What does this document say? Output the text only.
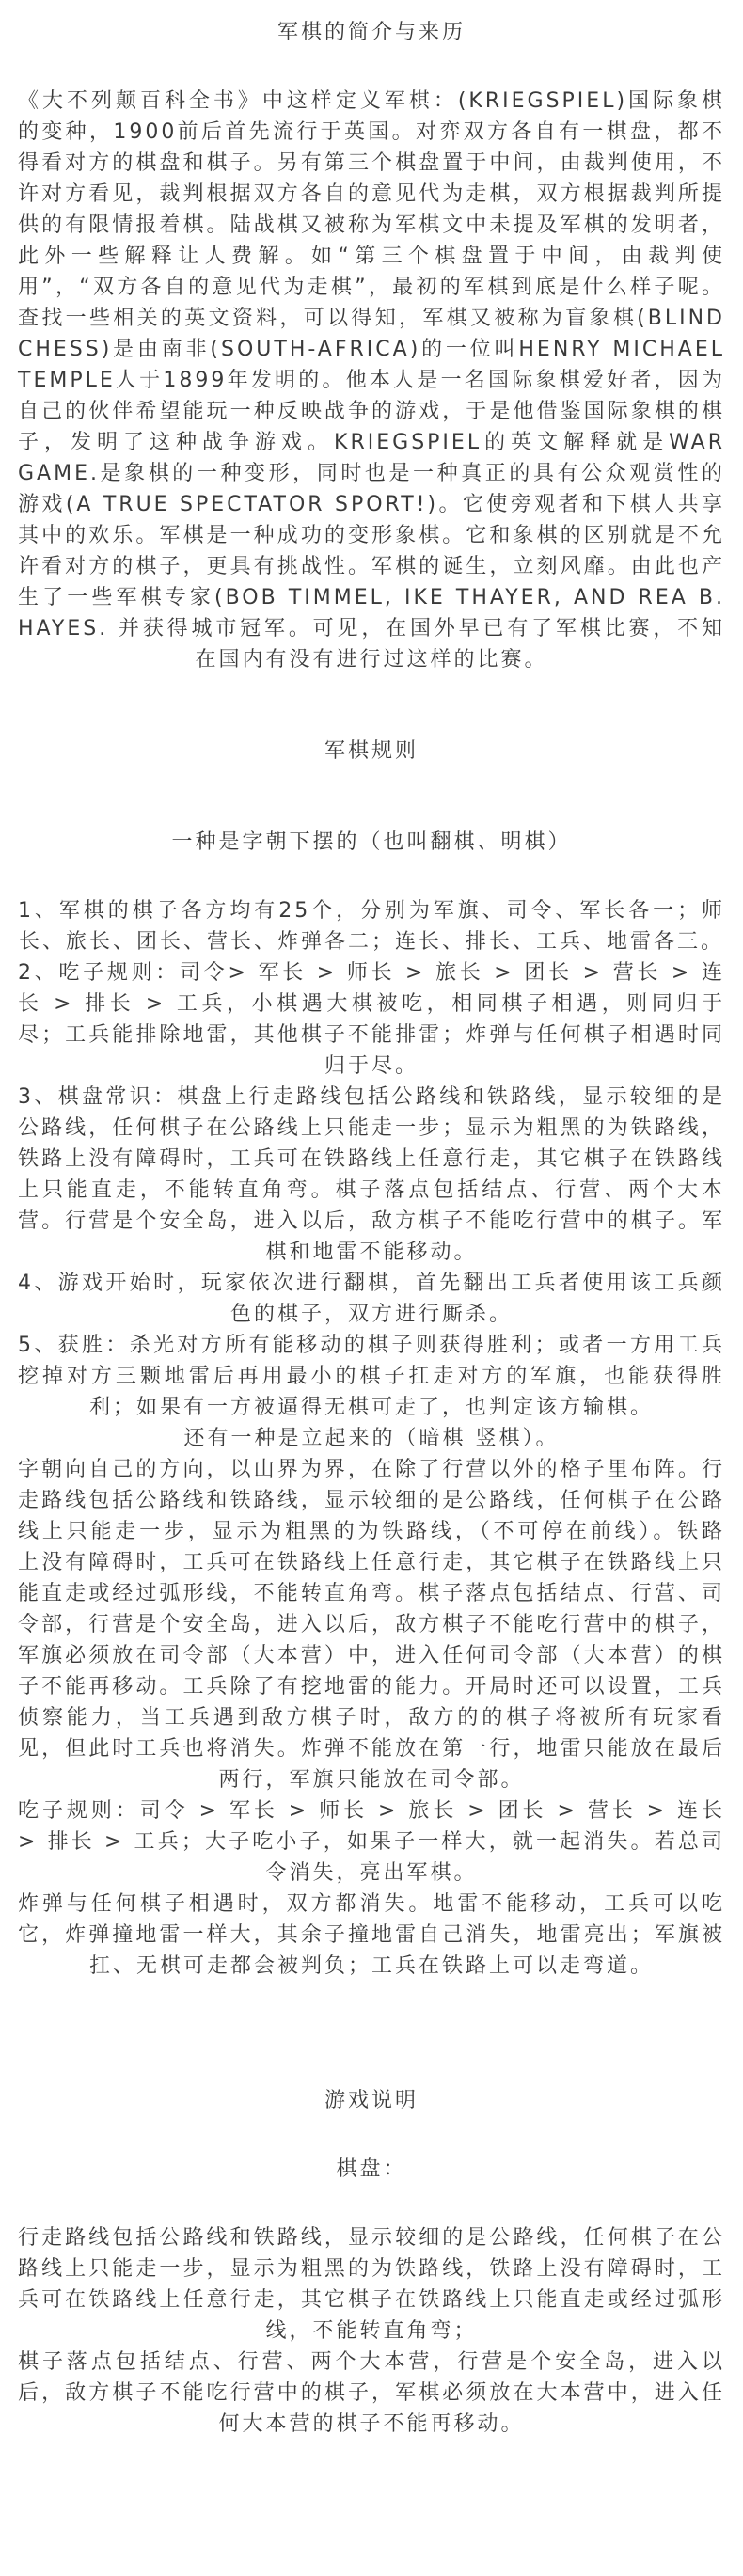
军棋的简介与来历

《大不列颠百科全书》中这样定义军棋：(KRIEGSPIEL)国际象棋的变种，1900前后首先流行于英国。对弈双方各自有一棋盘，都不得看对方的棋盘和棋子。另有第三个棋盘置于中间，由裁判使用，不许对方看见，裁判根据双方各自的意见代为走棋，双方根据裁判所提供的有限情报着棋。陆战棋又被称为军棋文中未提及军棋的发明者，此外一些解释让人费解。如“第三个棋盘置于中间，由裁判使用”，“双方各自的意见代为走棋”，最初的军棋到底是什么样子呢。查找一些相关的英文资料，可以得知，军棋又被称为盲象棋(BLIND CHESS)是由南非(SOUTH-AFRICA)的一位叫HENRY MICHAEL TEMPLE人于1899年发明的。他本人是一名国际象棋爱好者，因为自己的伙伴希望能玩一种反映战争的游戏，于是他借鉴国际象棋的棋子，发明了这种战争游戏。KRIEGSPIEL的英文解释就是WAR GAME.是象棋的一种变形，同时也是一种真正的具有公众观赏性的游戏(A TRUE SPECTATOR SPORT!)。它使旁观者和下棋人共享其中的欢乐。军棋是一种成功的变形象棋。它和象棋的区别就是不允许看对方的棋子，更具有挑战性。军棋的诞生，立刻风靡。由此也产生了一些军棋专家(BOB TIMMEL, IKE THAYER, AND REA B. HAYES. 并获得城市冠军。可见，在国外早已有了军棋比赛，不知在国内有没有进行过这样的比赛。

军棋规则

一种是字朝下摆的（也叫翻棋、明棋）

1、军棋的棋子各方均有25个，分别为军旗、司令、军长各一；师长、旅长、团长、营长、炸弹各二；连长、排长、工兵、地雷各三。

2、吃子规则：司令> 军长 > 师长 > 旅长 > 团长 > 营长 > 连长 > 排长 > 工兵，小棋遇大棋被吃，相同棋子相遇，则同归于尽；工兵能排除地雷，其他棋子不能排雷；炸弹与任何棋子相遇时同归于尽。

3、棋盘常识：棋盘上行走路线包括公路线和铁路线，显示较细的是公路线，任何棋子在公路线上只能走一步；显示为粗黑的为铁路线，铁路上没有障碍时，工兵可在铁路线上任意行走，其它棋子在铁路线上只能直走，不能转直角弯。棋子落点包括结点、行营、两个大本营。行营是个安全岛，进入以后，敌方棋子不能吃行营中的棋子。军棋和地雷不能移动。

4、游戏开始时，玩家依次进行翻棋，首先翻出工兵者使用该工兵颜色的棋子，双方进行厮杀。

5、获胜：杀光对方所有能移动的棋子则获得胜利；或者一方用工兵挖掉对方三颗地雷后再用最小的棋子扛走对方的军旗，也能获得胜利；如果有一方被逼得无棋可走了，也判定该方输棋。

还有一种是立起来的（暗棋 竖棋）。

字朝向自己的方向，以山界为界，在除了行营以外的格子里布阵。行走路线包括公路线和铁路线，显示较细的是公路线，任何棋子在公路线上只能走一步，显示为粗黑的为铁路线，（不可停在前线）。铁路上没有障碍时，工兵可在铁路线上任意行走，其它棋子在铁路线上只能直走或经过弧形线，不能转直角弯。棋子落点包括结点、行营、司令部，行营是个安全岛，进入以后，敌方棋子不能吃行营中的棋子，军旗必须放在司令部（大本营）中，进入任何司令部（大本营）的棋子不能再移动。工兵除了有挖地雷的能力。开局时还可以设置，工兵侦察能力，当工兵遇到敌方棋子时，敌方的的棋子将被所有玩家看见，但此时工兵也将消失。炸弹不能放在第一行，地雷只能放在最后两行，军旗只能放在司令部。

吃子规则：司令 > 军长 > 师长 > 旅长 > 团长 > 营长 > 连长 > 排长 > 工兵；大子吃小子，如果子一样大，就一起消失。若总司令消失，亮出军棋。

炸弹与任何棋子相遇时，双方都消失。地雷不能移动，工兵可以吃它，炸弹撞地雷一样大，其余子撞地雷自己消失，地雷亮出；军旗被扛、无棋可走都会被判负；工兵在铁路上可以走弯道。

游戏说明

棋盘：

行走路线包括公路线和铁路线，显示较细的是公路线，任何棋子在公路线上只能走一步，显示为粗黑的为铁路线，铁路上没有障碍时，工兵可在铁路线上任意行走，其它棋子在铁路线上只能直走或经过弧形线，不能转直角弯；

棋子落点包括结点、行营、两个大本营，行营是个安全岛，进入以后，敌方棋子不能吃行营中的棋子，军棋必须放在大本营中，进入任何大本营的棋子不能再移动。
